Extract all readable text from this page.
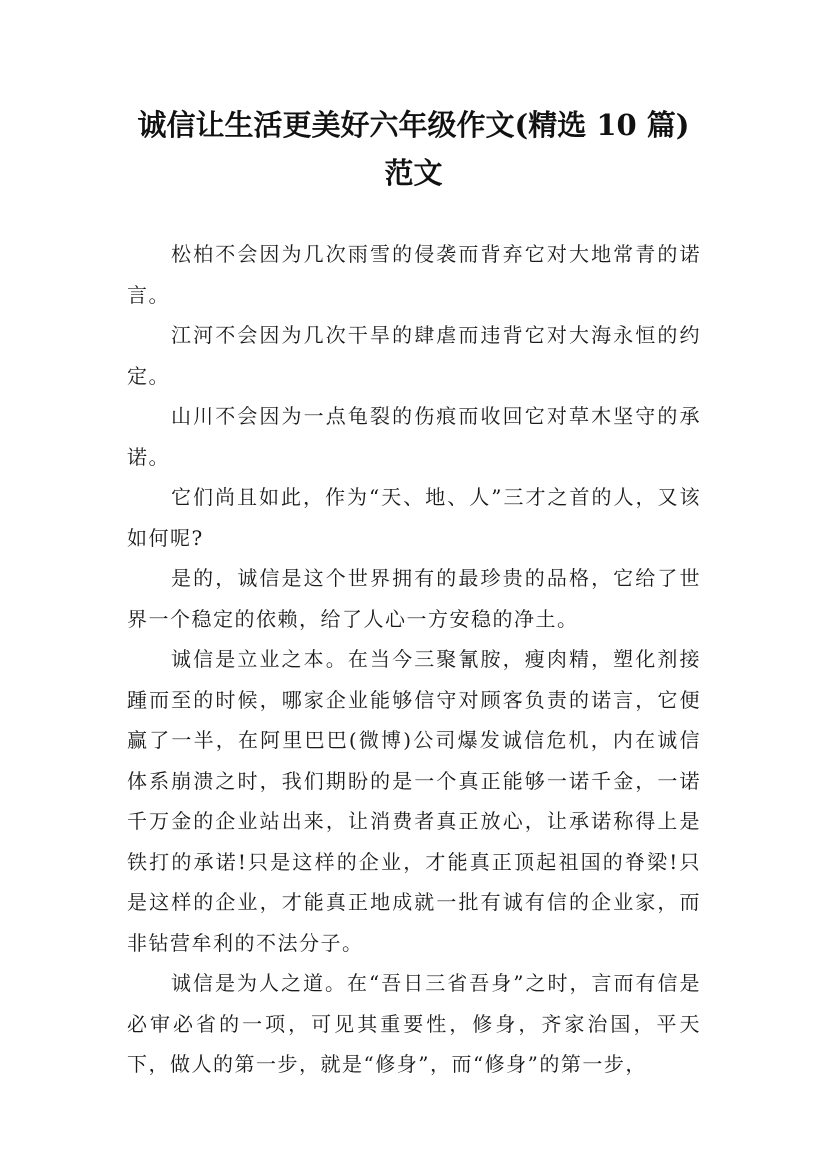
诚信让生活更美好六年级作文(精选 10 篇)
范文

松柏不会因为几次雨雪的侵袭而背弃它对大地常青的诺言。

江河不会因为几次干旱的肆虐而违背它对大海永恒的约定。

山川不会因为一点龟裂的伤痕而收回它对草木坚守的承诺。

它们尚且如此，作为“天、地、人”三才之首的人，又该如何呢?

是的，诚信是这个世界拥有的最珍贵的品格，它给了世界一个稳定的依赖，给了人心一方安稳的净土。

诚信是立业之本。在当今三聚氰胺，瘦肉精，塑化剂接踵而至的时候，哪家企业能够信守对顾客负责的诺言，它便赢了一半，在阿里巴巴(微博)公司爆发诚信危机，内在诚信体系崩溃之时，我们期盼的是一个真正能够一诺千金，一诺千万金的企业站出来，让消费者真正放心，让承诺称得上是铁打的承诺!只是这样的企业，才能真正顶起祖国的脊梁!只是这样的企业，才能真正地成就一批有诚有信的企业家，而非钻营牟利的不法分子。

诚信是为人之道。在“吾日三省吾身”之时，言而有信是必审必省的一项，可见其重要性，修身，齐家治国，平天下，做人的第一步，就是“修身”，而“修身”的第一步，
